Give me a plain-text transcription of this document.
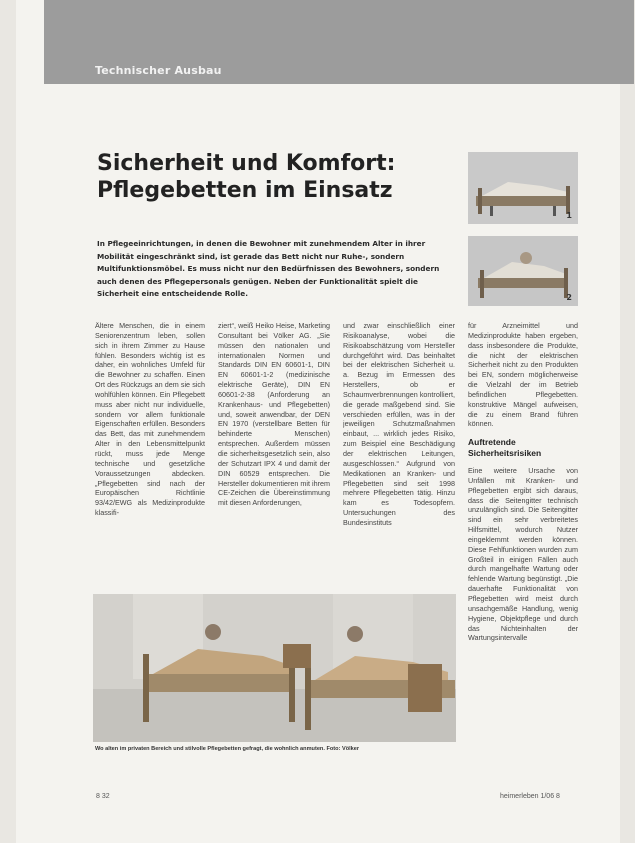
Technischer Ausbau
Sicherheit und Komfort:
Pflegebetten im Einsatz
In Pflegeeinrichtungen, in denen die Bewohner mit zunehmendem Alter in ihrer Mobilität eingeschränkt sind, ist gerade das Bett nicht nur Ruhe-, sondern Multifunktionsmöbel. Es muss nicht nur den Bedürfnissen des Bewohners, sondern auch denen des Pflegepersonals genügen. Neben der Funktionalität spielt die Sicherheit eine entscheidende Rolle.
1
2
Ältere Menschen, die in einem Seniorenzentrum leben, sollen sich in ihrem Zimmer zu Hause fühlen. Besonders wichtig ist es daher, ein wohnliches Umfeld für die Bewohner zu schaffen. Einen Ort des Rückzugs an dem sie sich wohlfühlen können. Ein Pflegebett muss aber nicht nur individuelle, sondern vor allem funktionale Eigenschaften erfüllen. Besonders das Bett, das mit zunehmendem Alter in den Lebensmittelpunkt rückt, muss jede Menge technische und gesetzliche Voraussetzungen abdecken. „Pflegebetten sind nach der Europäischen Richtlinie 93/42/EWG als Medizinprodukte klassifi-
ziert“, weiß Heiko Heise, Marketing Consultant bei Völker AG. „Sie müssen den nationalen und internationalen Normen und Standards DIN EN 60601-1, DIN EN 60601-1-2 (medizinische elektrische Geräte), DIN EN 60601-2-38 (Anforderung an Krankenhaus- und Pflegebetten) und, soweit anwendbar, der DEN EN 1970 (verstellbare Betten für behinderte Menschen) entsprechen. Außerdem müssen die sicherheitsgesetzlich sein, also der Schutzart IPX 4 und damit der DIN 60529 entsprechen. Die Hersteller dokumentieren mit ihrem CE-Zeichen die Übereinstimmung mit diesen Anforderungen,
und zwar einschließlich einer Risikoanalyse, wobei die Risikoabschätzung vom Hersteller durchgeführt wird. Das beinhaltet bei der elektrischen Sicherheit u. a. Bezug im Ermessen des Herstellers, ob er Schaumverbrennungen kontrolliert, die gerade maßgebend sind. Sie verschieden erfüllen, was in der jeweiligen Schutzmaßnahmen einbaut, ... wirklich jedes Risiko, zum Beispiel eine Beschädigung der elektrischen Leitungen, ausgeschlossen.“ Aufgrund von Medikationen an Kranken- und Pflegebetten sind seit 1998 mehrere Pflegebetten tätig. Hinzu kam es Todesopfern. Untersuchungen des Bundesinstituts
für Arzneimittel und Medizinprodukte haben ergeben, dass insbesondere die Produkte, die nicht der elektrischen Sicherheit nicht zu den Produkten bei EN, sondern möglicherweise die Vielzahl der im Betrieb befindlichen Pflegebetten. konstruktive Mängel aufweisen, die zu einem Brand führen können.
Auftretende
Sicherheitsrisiken
Eine weitere Ursache von Unfällen mit Kranken- und Pflegebetten ergibt sich daraus, dass die Seitengitter technisch unzulänglich sind. Die Seitengitter sind ein sehr verbreitetes Hilfsmittel, wodurch Nutzer eingeklemmt werden können. Diese Fehlfunktionen wurden zum Großteil in einigen Fällen auch durch mangelhafte Wartung oder fehlende Wartung begünstigt. „Die dauerhafte Funktionalität von Pflegebetten wird meist durch unsachgemäße Handlung, wenig Hygiene, Objektpflege und durch das Nichteinhalten der Wartungsintervalle
Wo alten im privaten Bereich und stilvolle Pflegebetten gefragt, die wohnlich anmuten. Foto: Völker
8 32	heimerleben 1/06 8
